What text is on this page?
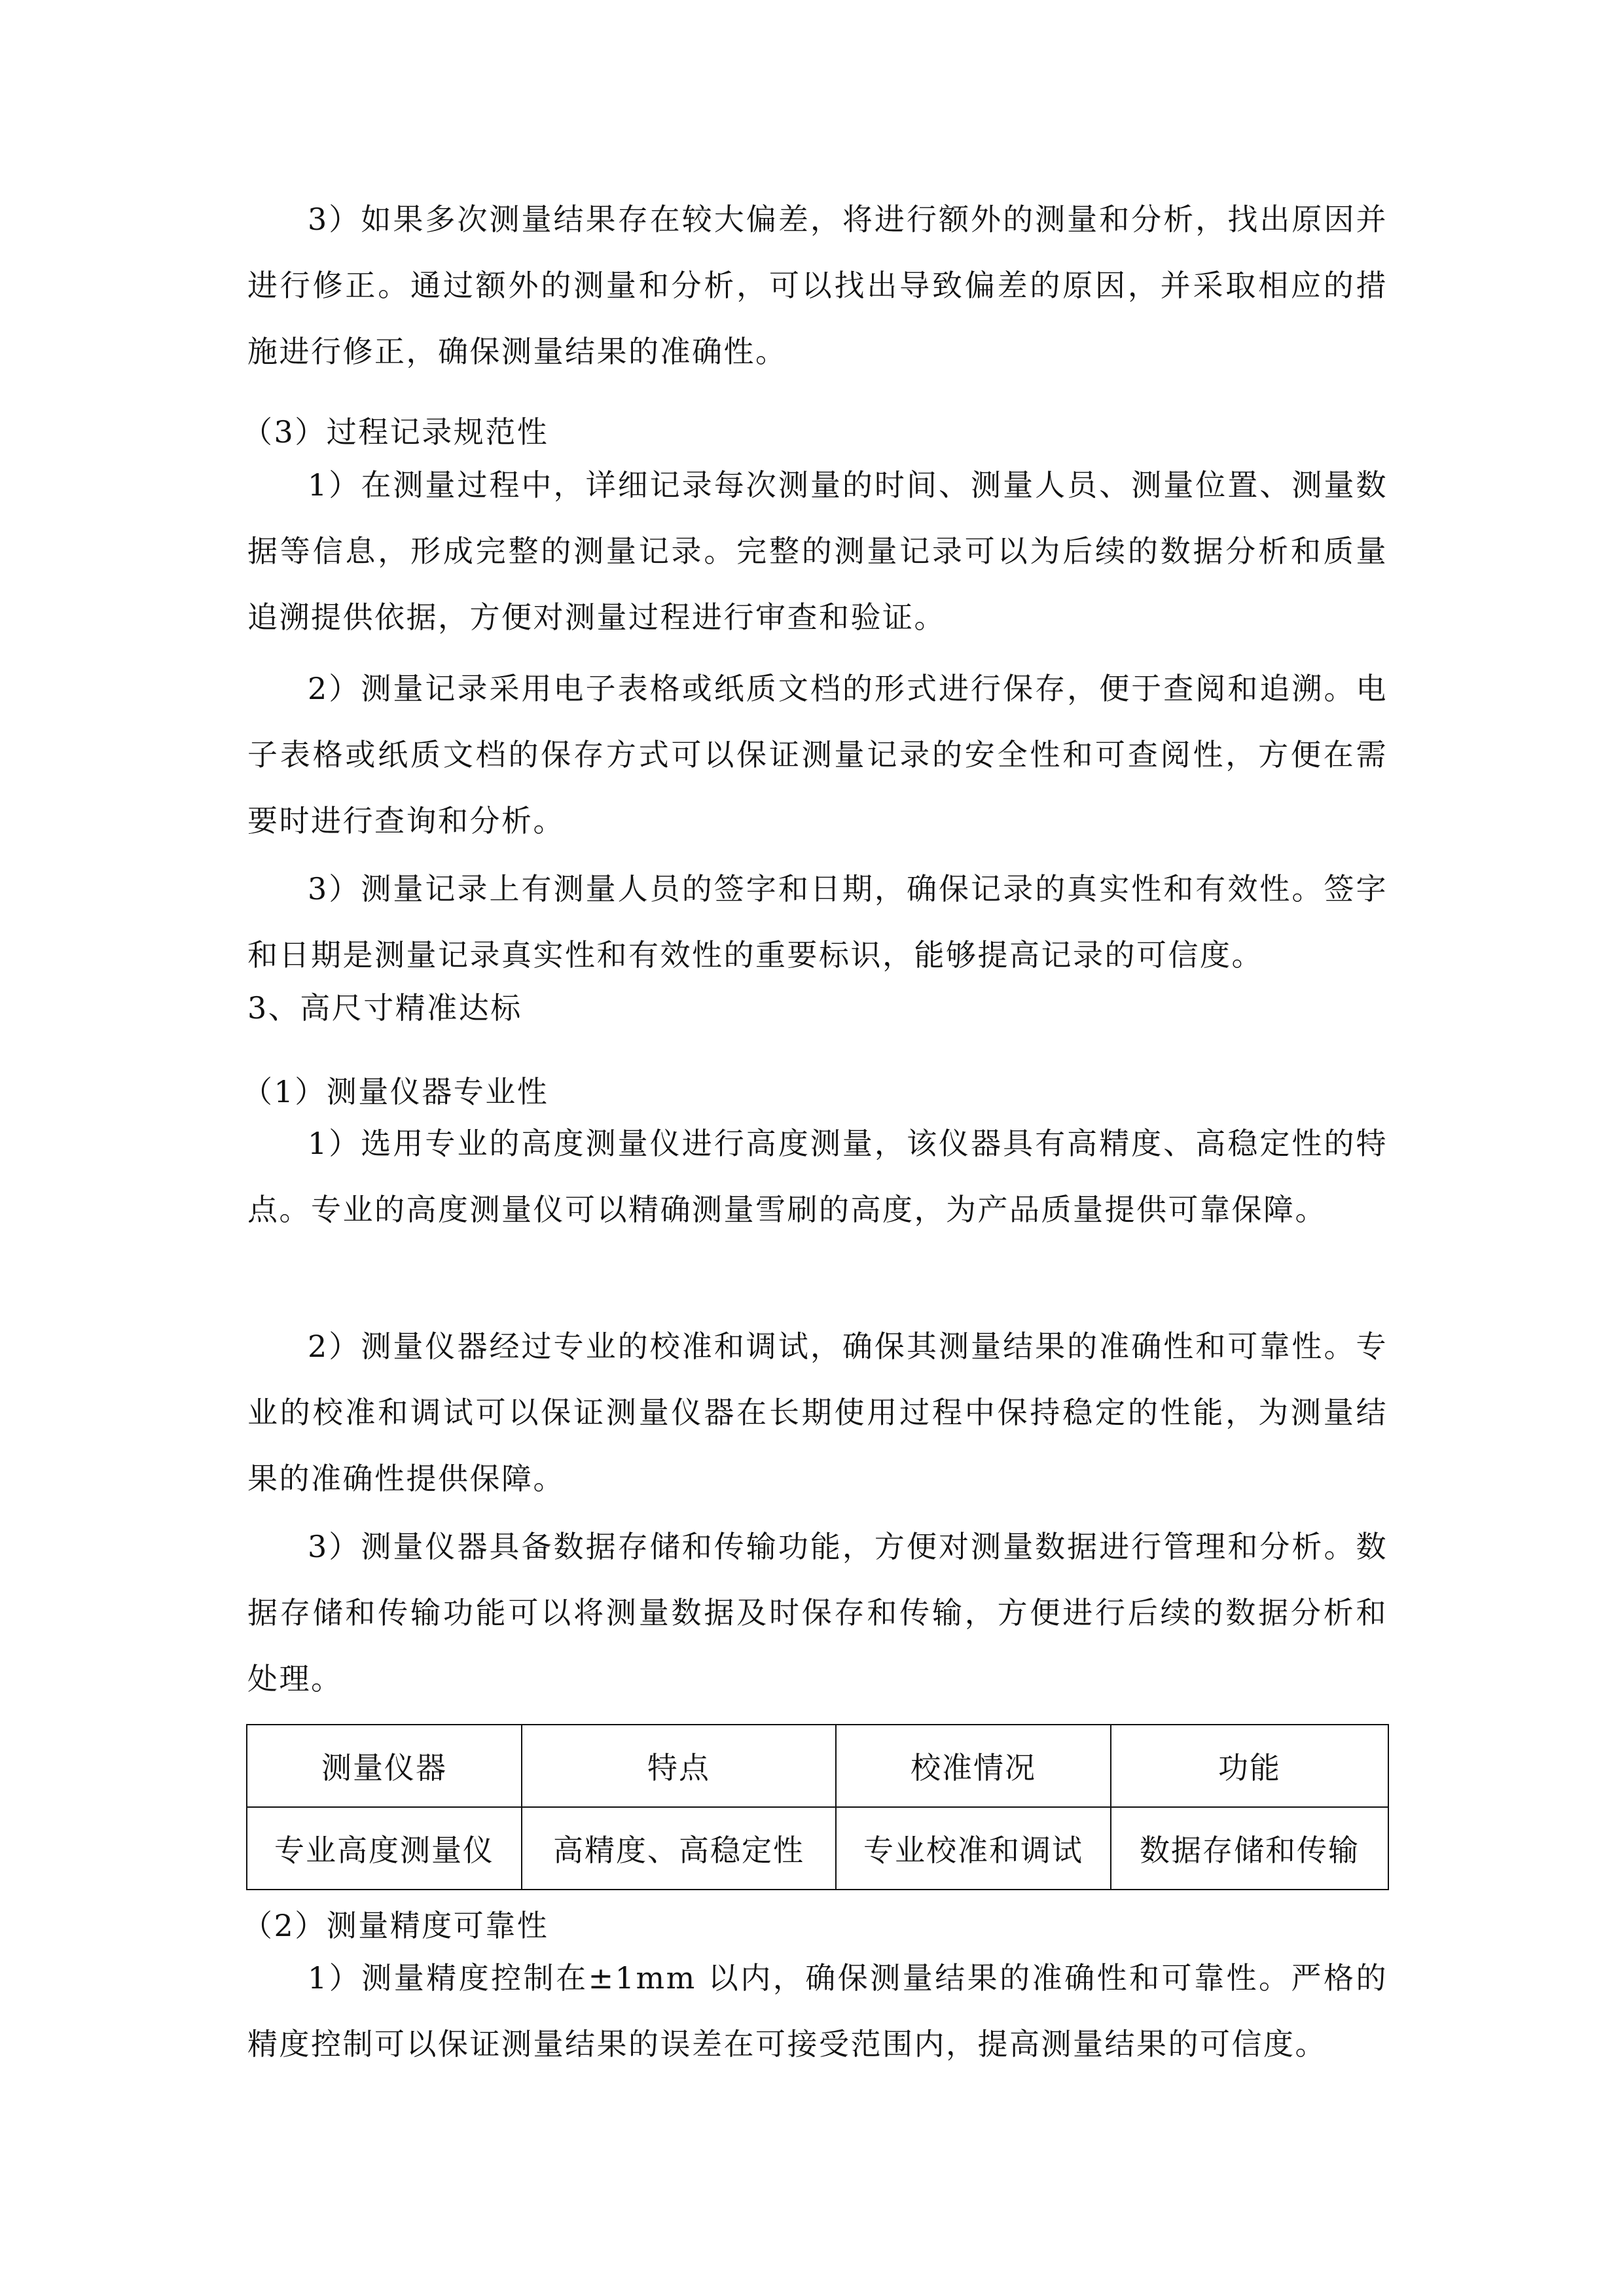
3）如果多次测量结果存在较大偏差，将进行额外的测量和分析，找出原因并进行修正。通过额外的测量和分析，可以找出导致偏差的原因，并采取相应的措施进行修正，确保测量结果的准确性。

（3）过程记录规范性

1）在测量过程中，详细记录每次测量的时间、测量人员、测量位置、测量数据等信息，形成完整的测量记录。完整的测量记录可以为后续的数据分析和质量追溯提供依据，方便对测量过程进行审查和验证。

2）测量记录采用电子表格或纸质文档的形式进行保存，便于查阅和追溯。电子表格或纸质文档的保存方式可以保证测量记录的安全性和可查阅性，方便在需要时进行查询和分析。

3）测量记录上有测量人员的签字和日期，确保记录的真实性和有效性。签字和日期是测量记录真实性和有效性的重要标识，能够提高记录的可信度。

3、高尺寸精准达标

（1）测量仪器专业性

1）选用专业的高度测量仪进行高度测量，该仪器具有高精度、高稳定性的特点。专业的高度测量仪可以精确测量雪刷的高度，为产品质量提供可靠保障。

2）测量仪器经过专业的校准和调试，确保其测量结果的准确性和可靠性。专业的校准和调试可以保证测量仪器在长期使用过程中保持稳定的性能，为测量结果的准确性提供保障。

3）测量仪器具备数据存储和传输功能，方便对测量数据进行管理和分析。数据存储和传输功能可以将测量数据及时保存和传输，方便进行后续的数据分析和处理。

测量仪器	特点	校准情况	功能
专业高度测量仪	高精度、高稳定性	专业校准和调试	数据存储和传输

（2）测量精度可靠性

1）测量精度控制在±1mm 以内，确保测量结果的准确性和可靠性。严格的精度控制可以保证测量结果的误差在可接受范围内，提高测量结果的可信度。
